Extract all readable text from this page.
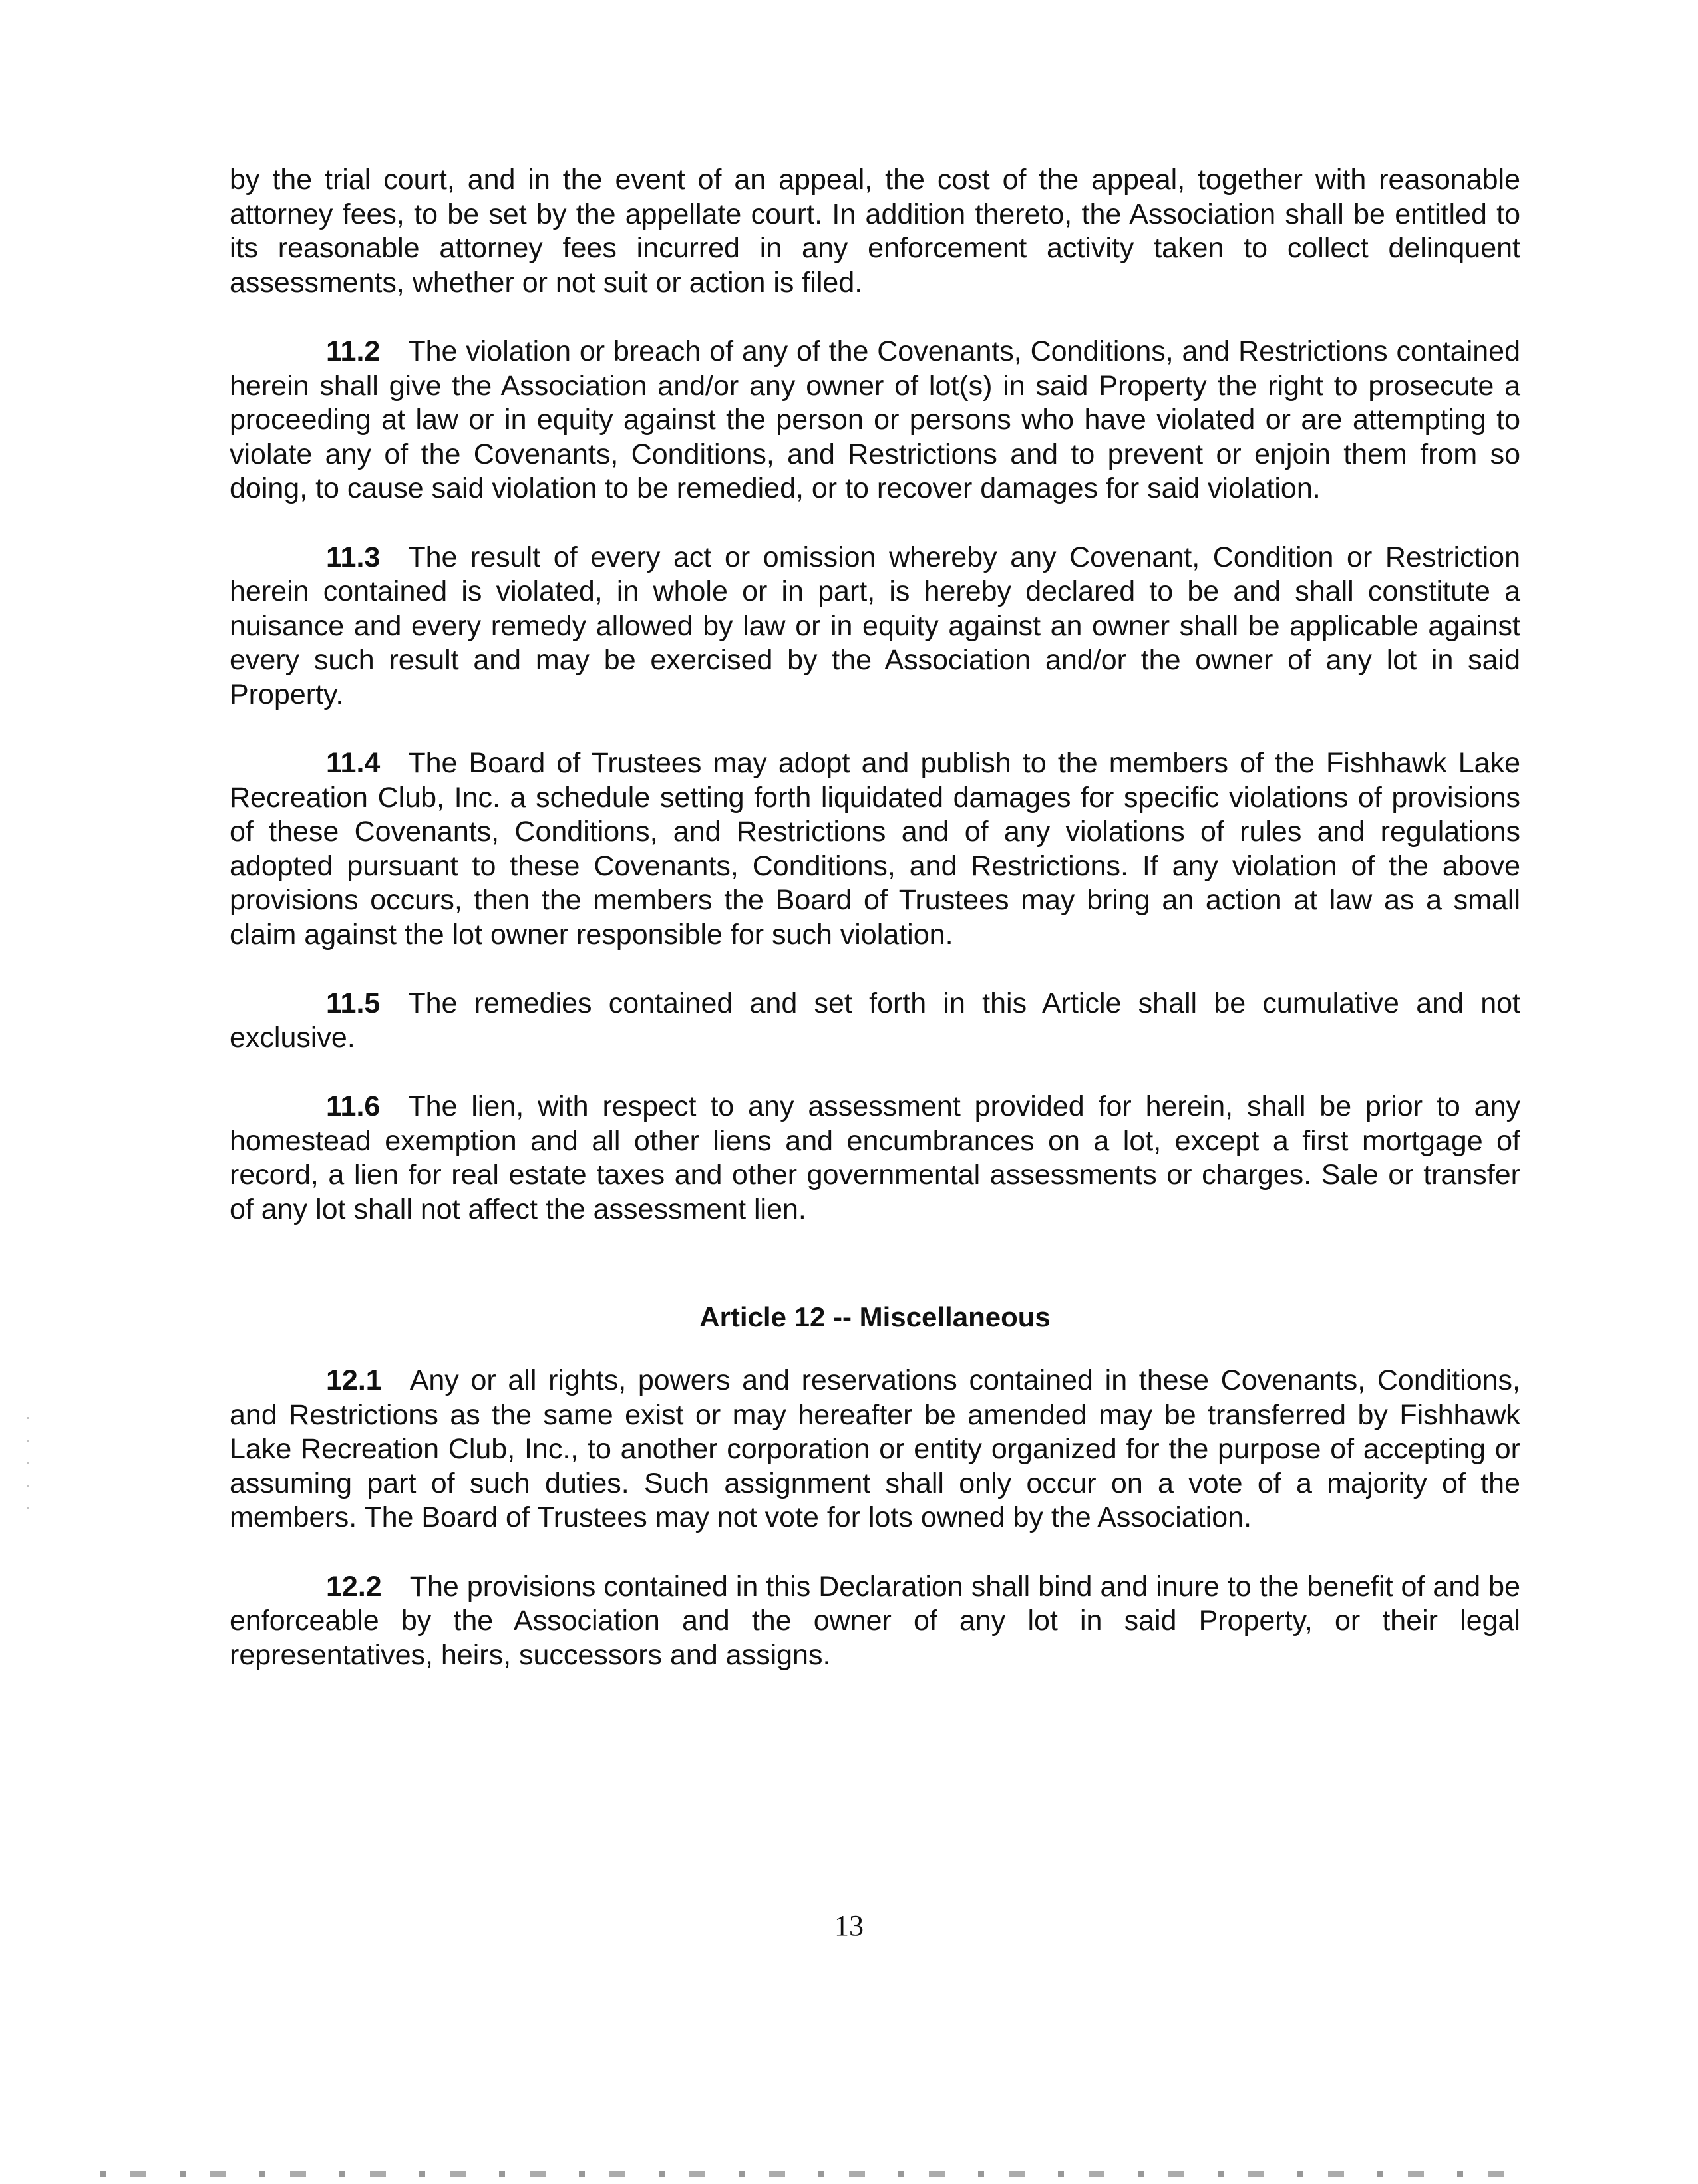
by the trial court, and in the event of an appeal, the cost of the appeal, together with reasonable attorney fees, to be set by the appellate court. In addition thereto, the Association shall be entitled to its reasonable attorney fees incurred in any enforcement activity taken to collect delinquent assessments, whether or not suit or action is filed.

11.2 The violation or breach of any of the Covenants, Conditions, and Restrictions contained herein shall give the Association and/or any owner of lot(s) in said Property the right to prosecute a proceeding at law or in equity against the person or persons who have violated or are attempting to violate any of the Covenants, Conditions, and Restrictions and to prevent or enjoin them from so doing, to cause said violation to be remedied, or to recover damages for said violation.

11.3 The result of every act or omission whereby any Covenant, Condition or Restriction herein contained is violated, in whole or in part, is hereby declared to be and shall constitute a nuisance and every remedy allowed by law or in equity against an owner shall be applicable against every such result and may be exercised by the Association and/or the owner of any lot in said Property.

11.4 The Board of Trustees may adopt and publish to the members of the Fishhawk Lake Recreation Club, Inc. a schedule setting forth liquidated damages for specific violations of provisions of these Covenants, Conditions, and Restrictions and of any violations of rules and regulations adopted pursuant to these Covenants, Conditions, and Restrictions. If any violation of the above provisions occurs, then the members the Board of Trustees may bring an action at law as a small claim against the lot owner responsible for such violation.

11.5 The remedies contained and set forth in this Article shall be cumulative and not exclusive.

11.6 The lien, with respect to any assessment provided for herein, shall be prior to any homestead exemption and all other liens and encumbrances on a lot, except a first mortgage of record, a lien for real estate taxes and other governmental assessments or charges. Sale or transfer of any lot shall not affect the assessment lien.

Article 12 -- Miscellaneous

12.1 Any or all rights, powers and reservations contained in these Covenants, Conditions, and Restrictions as the same exist or may hereafter be amended may be transferred by Fishhawk Lake Recreation Club, Inc., to another corporation or entity organized for the purpose of accepting or assuming part of such duties. Such assignment shall only occur on a vote of a majority of the members. The Board of Trustees may not vote for lots owned by the Association.

12.2 The provisions contained in this Declaration shall bind and inure to the benefit of and be enforceable by the Association and the owner of any lot in said Property, or their legal representatives, heirs, successors and assigns.

13
